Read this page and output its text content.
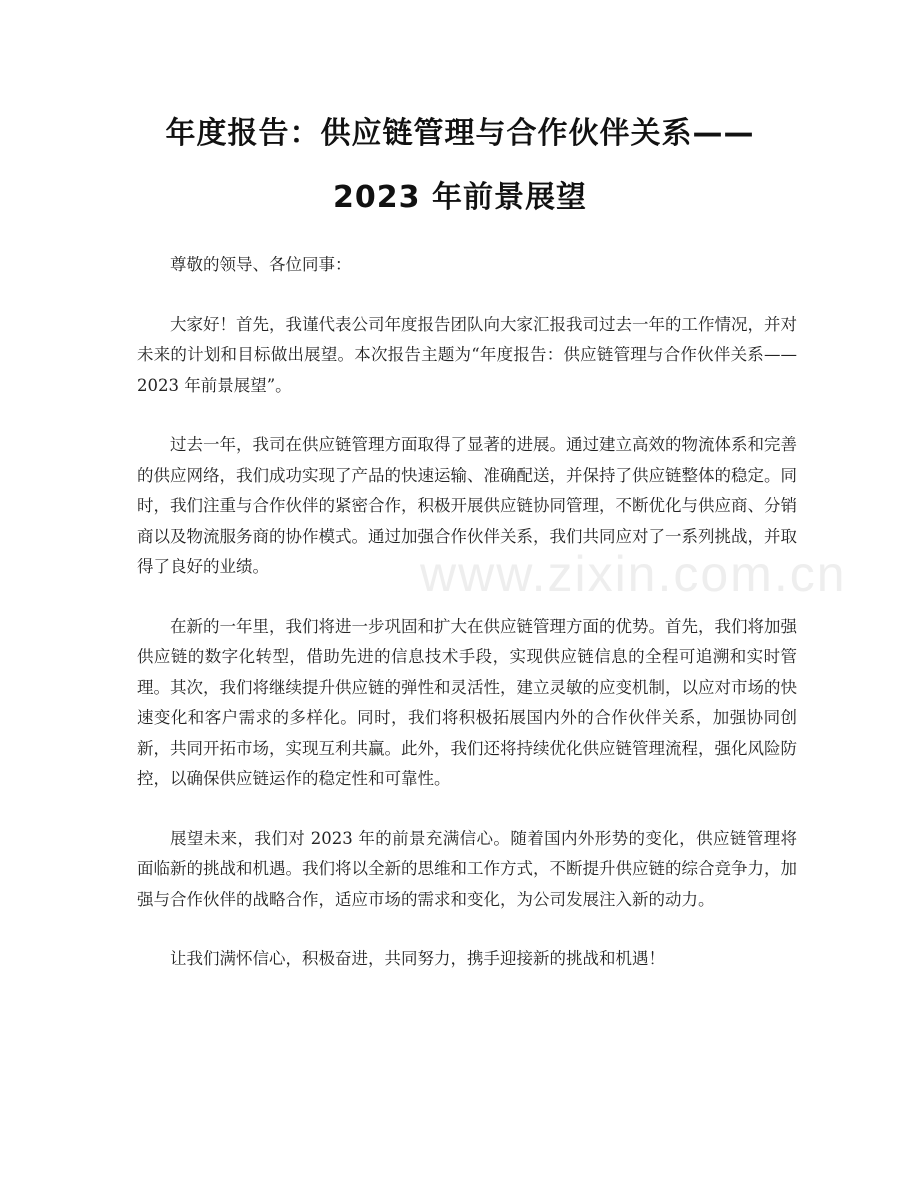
年度报告：供应链管理与合作伙伴关系——
2023 年前景展望

尊敬的领导、各位同事：

大家好！首先，我谨代表公司年度报告团队向大家汇报我司过去一年的工作情况，并对未来的计划和目标做出展望。本次报告主题为“年度报告：供应链管理与合作伙伴关系——2023 年前景展望”。

过去一年，我司在供应链管理方面取得了显著的进展。通过建立高效的物流体系和完善的供应网络，我们成功实现了产品的快速运输、准确配送，并保持了供应链整体的稳定。同时，我们注重与合作伙伴的紧密合作，积极开展供应链协同管理，不断优化与供应商、分销商以及物流服务商的协作模式。通过加强合作伙伴关系，我们共同应对了一系列挑战，并取得了良好的业绩。

在新的一年里，我们将进一步巩固和扩大在供应链管理方面的优势。首先，我们将加强供应链的数字化转型，借助先进的信息技术手段，实现供应链信息的全程可追溯和实时管理。其次，我们将继续提升供应链的弹性和灵活性，建立灵敏的应变机制，以应对市场的快速变化和客户需求的多样化。同时，我们将积极拓展国内外的合作伙伴关系，加强协同创新，共同开拓市场，实现互利共赢。此外，我们还将持续优化供应链管理流程，强化风险防控，以确保供应链运作的稳定性和可靠性。

展望未来，我们对 2023 年的前景充满信心。随着国内外形势的变化，供应链管理将面临新的挑战和机遇。我们将以全新的思维和工作方式，不断提升供应链的综合竞争力，加强与合作伙伴的战略合作，适应市场的需求和变化，为公司发展注入新的动力。

让我们满怀信心，积极奋进，共同努力，携手迎接新的挑战和机遇！

www.zixin.com.cn
